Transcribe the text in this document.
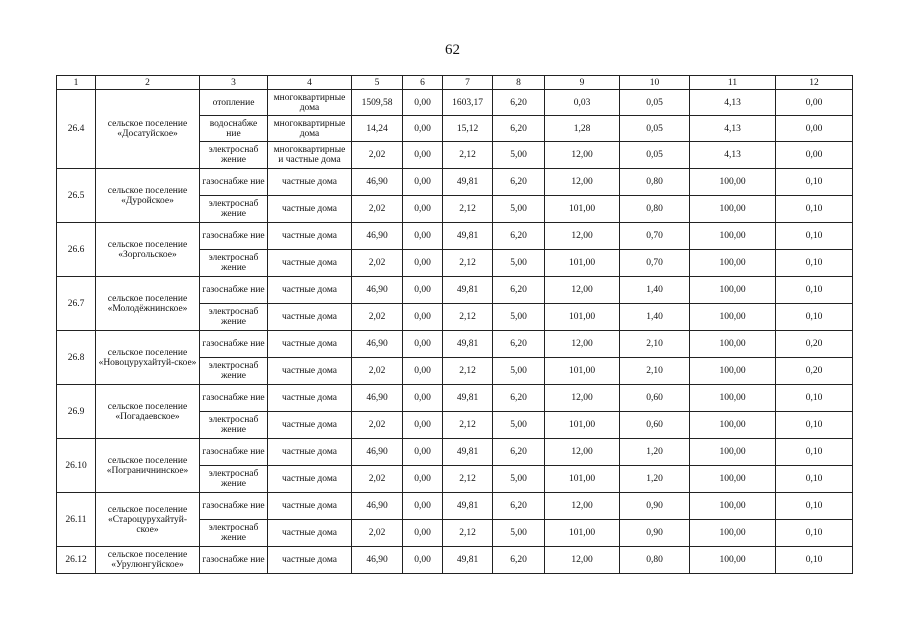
62
1	2	3	4	5	6	7	8	9	10	11	12
26.4	сельское поселение «Досатуйское»	отопление	многоквартирные дома	1509,58	0,00	1603,17	6,20	0,03	0,05	4,13	0,00
		водоснабже ние	многоквартирные дома	14,24	0,00	15,12	6,20	1,28	0,05	4,13	0,00
		электроснаб жение	многоквартирные и частные дома	2,02	0,00	2,12	5,00	12,00	0,05	4,13	0,00
26.5	сельское поселение «Дуройское»	газоснабже ние	частные дома	46,90	0,00	49,81	6,20	12,00	0,80	100,00	0,10
		электроснаб жение	частные дома	2,02	0,00	2,12	5,00	101,00	0,80	100,00	0,10
26.6	сельское поселение «Зоргольское»	газоснабже ние	частные дома	46,90	0,00	49,81	6,20	12,00	0,70	100,00	0,10
		электроснаб жение	частные дома	2,02	0,00	2,12	5,00	101,00	0,70	100,00	0,10
26.7	сельское поселение «Молодёжнинское»	газоснабже ние	частные дома	46,90	0,00	49,81	6,20	12,00	1,40	100,00	0,10
		электроснаб жение	частные дома	2,02	0,00	2,12	5,00	101,00	1,40	100,00	0,10
26.8	сельское поселение «Новоцурухайтуй-ское»	газоснабже ние	частные дома	46,90	0,00	49,81	6,20	12,00	2,10	100,00	0,20
		электроснаб жение	частные дома	2,02	0,00	2,12	5,00	101,00	2,10	100,00	0,20
26.9	сельское поселение «Погадаевское»	газоснабже ние	частные дома	46,90	0,00	49,81	6,20	12,00	0,60	100,00	0,10
		электроснаб жение	частные дома	2,02	0,00	2,12	5,00	101,00	0,60	100,00	0,10
26.10	сельское поселение «Пограничнинское»	газоснабже ние	частные дома	46,90	0,00	49,81	6,20	12,00	1,20	100,00	0,10
		электроснаб жение	частные дома	2,02	0,00	2,12	5,00	101,00	1,20	100,00	0,10
26.11	сельское поселение «Староцурухайтуй-ское»	газоснабже ние	частные дома	46,90	0,00	49,81	6,20	12,00	0,90	100,00	0,10
		электроснаб жение	частные дома	2,02	0,00	2,12	5,00	101,00	0,90	100,00	0,10
26.12	сельское поселение «Урулюнгуйское»	газоснабже ние	частные дома	46,90	0,00	49,81	6,20	12,00	0,80	100,00	0,10
